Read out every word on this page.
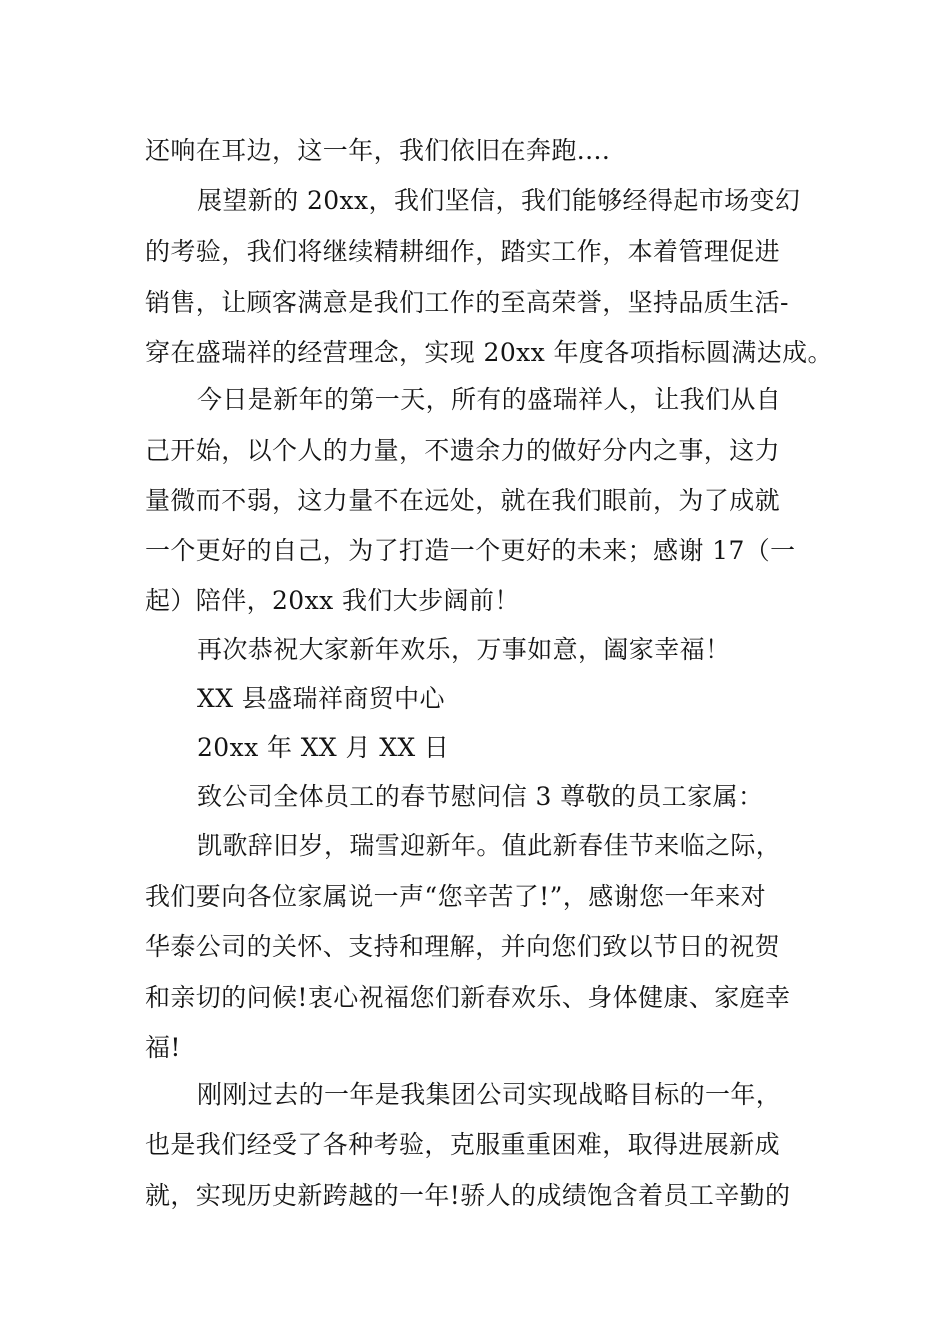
还响在耳边，这一年，我们依旧在奔跑....
展望新的 20xx，我们坚信，我们能够经得起市场变幻
的考验，我们将继续精耕细作，踏实工作，本着管理促进
销售，让顾客满意是我们工作的至高荣誉，坚持品质生活-
穿在盛瑞祥的经营理念，实现 20xx 年度各项指标圆满达成。
今日是新年的第一天，所有的盛瑞祥人，让我们从自
己开始，以个人的力量，不遗余力的做好分内之事，这力
量微而不弱，这力量不在远处，就在我们眼前，为了成就
一个更好的自己，为了打造一个更好的未来；感谢 17（一
起）陪伴，20xx 我们大步阔前！
再次恭祝大家新年欢乐，万事如意，阖家幸福！
XX 县盛瑞祥商贸中心
20xx 年 XX 月 XX 日
致公司全体员工的春节慰问信 3 尊敬的员工家属：
凯歌辞旧岁，瑞雪迎新年。值此新春佳节来临之际，
我们要向各位家属说一声“您辛苦了!”，感谢您一年来对
华泰公司的关怀、支持和理解，并向您们致以节日的祝贺
和亲切的问候!衷心祝福您们新春欢乐、身体健康、家庭幸
福!
刚刚过去的一年是我集团公司实现战略目标的一年，
也是我们经受了各种考验，克服重重困难，取得进展新成
就，实现历史新跨越的一年!骄人的成绩饱含着员工辛勤的
